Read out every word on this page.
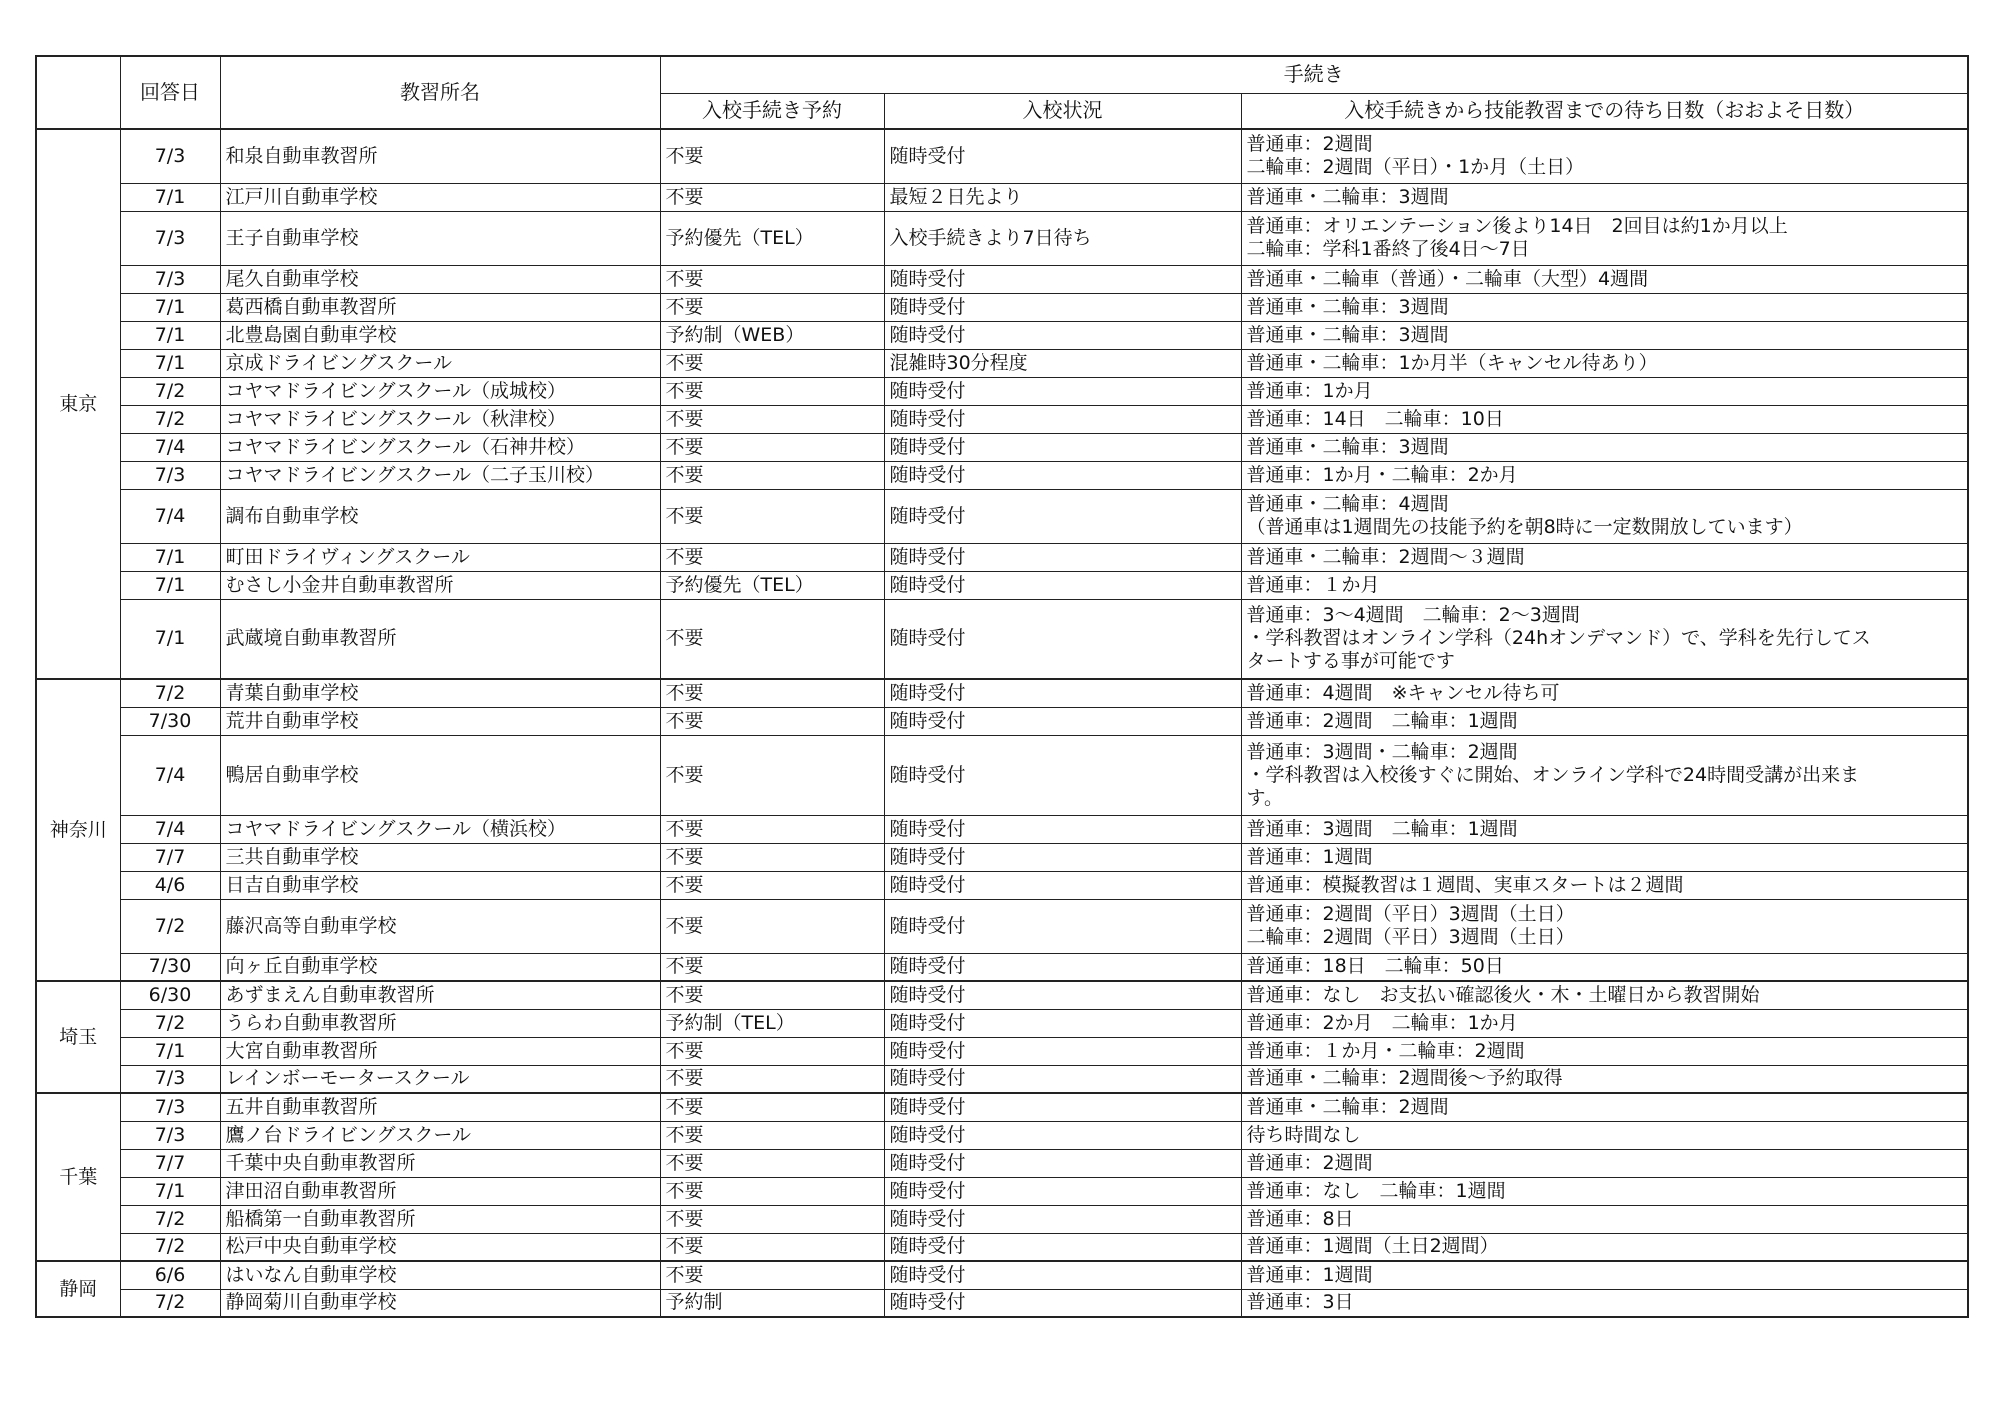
	回答日	教習所名	手続き		
			入校手続き予約	入校状況	入校手続きから技能教習までの待ち日数（おおよそ日数）
東京	7/3	和泉自動車教習所	不要	随時受付	普通車：2週間
二輪車：2週間（平日）・1か月（土日）

	7/1	江戸川自動車学校	不要	最短２日先より	普通車・二輪車：3週間

	7/3	王子自動車学校	予約優先（TEL）	入校手続きより7日待ち	普通車：オリエンテーション後より14日　2回目は約1か月以上
二輪車：学科1番終了後4日〜7日

	7/3	尾久自動車学校	不要	随時受付	普通車・二輪車（普通）・二輪車（大型）4週間

	7/1	葛西橋自動車教習所	不要	随時受付	普通車・二輪車：3週間

	7/1	北豊島園自動車学校	予約制（WEB）	随時受付	普通車・二輪車：3週間

	7/1	京成ドライビングスクール	不要	混雑時30分程度	普通車・二輪車：1か月半（キャンセル待あり）

	7/2	コヤマドライビングスクール（成城校）	不要	随時受付	普通車：1か月

	7/2	コヤマドライビングスクール（秋津校）	不要	随時受付	普通車：14日　二輪車：10日

	7/4	コヤマドライビングスクール（石神井校）	不要	随時受付	普通車・二輪車：3週間

	7/3	コヤマドライビングスクール（二子玉川校）	不要	随時受付	普通車：1か月・二輪車：2か月

	7/4	調布自動車学校	不要	随時受付	普通車・二輪車：4週間
（普通車は1週間先の技能予約を朝8時に一定数開放しています）

	7/1	町田ドライヴィングスクール	不要	随時受付	普通車・二輪車：2週間〜３週間

	7/1	むさし小金井自動車教習所	予約優先（TEL）	随時受付	普通車：１か月

	7/1	武蔵境自動車教習所	不要	随時受付	普通車：3〜4週間　二輪車：2〜3週間
・学科教習はオンライン学科（24hオンデマンド）で、学科を先行してス
タートする事が可能です

神奈川	7/2	青葉自動車学校	不要	随時受付	普通車：4週間　※キャンセル待ち可

	7/30	荒井自動車学校	不要	随時受付	普通車：2週間　二輪車：1週間

	7/4	鴨居自動車学校	不要	随時受付	普通車：3週間・二輪車：2週間
・学科教習は入校後すぐに開始、オンライン学科で24時間受講が出来ま
す。

	7/4	コヤマドライビングスクール（横浜校）	不要	随時受付	普通車：3週間　二輪車：1週間

	7/7	三共自動車学校	不要	随時受付	普通車：1週間

	4/6	日吉自動車学校	不要	随時受付	普通車：模擬教習は１週間、実車スタートは２週間

	7/2	藤沢高等自動車学校	不要	随時受付	普通車：2週間（平日）3週間（土日）
二輪車：2週間（平日）3週間（土日）

	7/30	向ヶ丘自動車学校	不要	随時受付	普通車：18日　二輪車：50日

埼玉	6/30	あずまえん自動車教習所	不要	随時受付	普通車：なし　お支払い確認後火・木・土曜日から教習開始

	7/2	うらわ自動車教習所	予約制（TEL）	随時受付	普通車：2か月　二輪車：1か月

	7/1	大宮自動車教習所	不要	随時受付	普通車：１か月・二輪車：2週間

	7/3	レインボーモータースクール	不要	随時受付	普通車・二輪車：2週間後〜予約取得

千葉	7/3	五井自動車教習所	不要	随時受付	普通車・二輪車：2週間

	7/3	鷹ノ台ドライビングスクール	不要	随時受付	待ち時間なし

	7/7	千葉中央自動車教習所	不要	随時受付	普通車：2週間

	7/1	津田沼自動車教習所	不要	随時受付	普通車：なし　二輪車：1週間

	7/2	船橋第一自動車教習所	不要	随時受付	普通車：8日

	7/2	松戸中央自動車学校	不要	随時受付	普通車：1週間（土日2週間）

静岡	6/6	はいなん自動車学校	不要	随時受付	普通車：1週間

	7/2	静岡菊川自動車学校	予約制	随時受付	普通車：3日
